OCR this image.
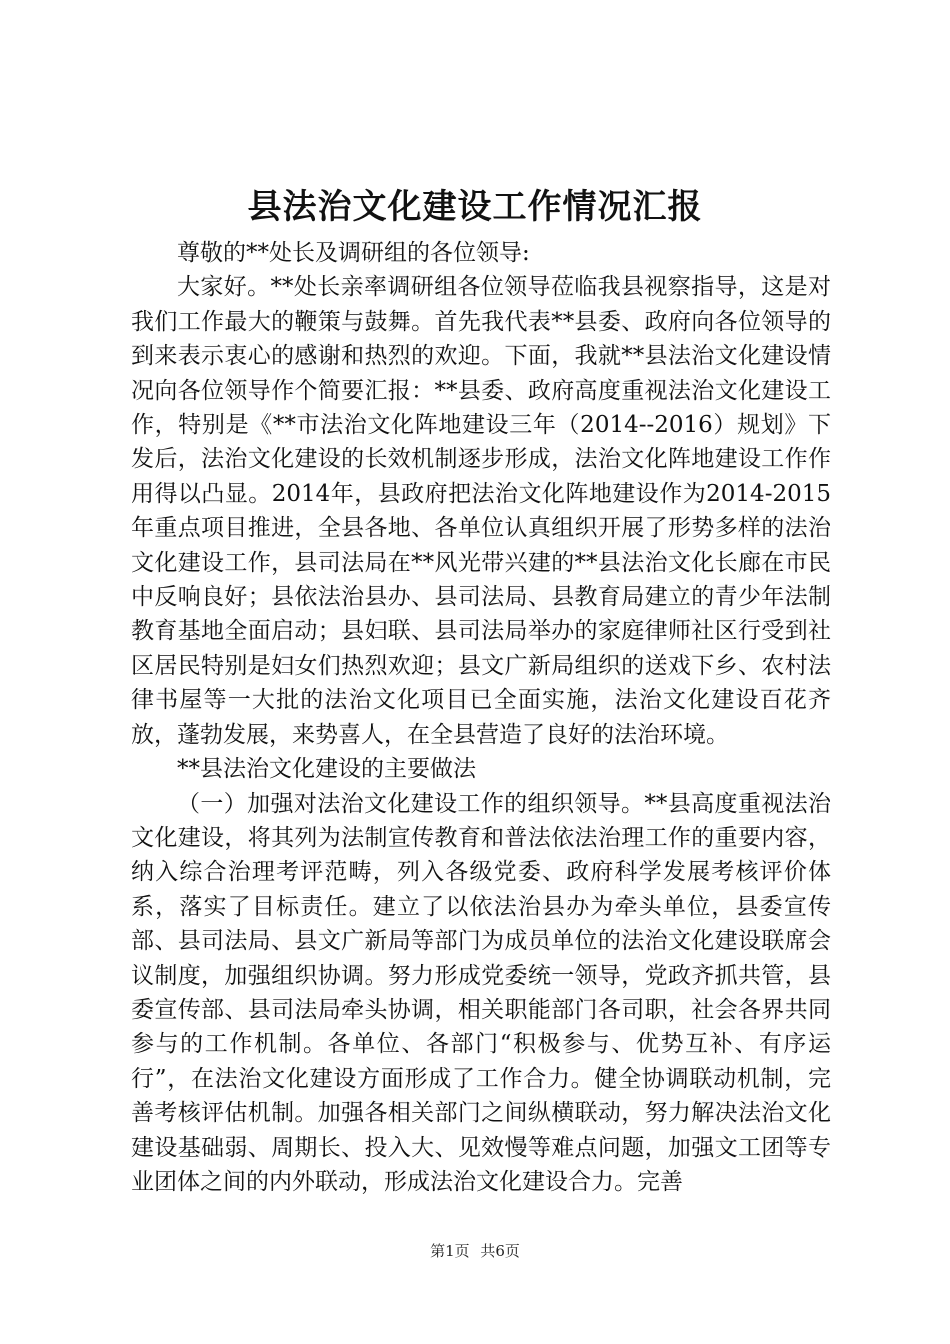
县法治文化建设工作情况汇报

尊敬的**处长及调研组的各位领导:

大家好。**处长亲率调研组各位领导莅临我县视察指导，这是对我们工作最大的鞭策与鼓舞。首先我代表**县委、政府向各位领导的到来表示衷心的感谢和热烈的欢迎。下面，我就**县法治文化建设情况向各位领导作个简要汇报：**县委、政府高度重视法治文化建设工作，特别是《**市法治文化阵地建设三年（2014--2016）规划》下发后，法治文化建设的长效机制逐步形成，法治文化阵地建设工作作用得以凸显。2014年，县政府把法治文化阵地建设作为2014-2015年重点项目推进，全县各地、各单位认真组织开展了形势多样的法治文化建设工作，县司法局在**风光带兴建的**县法治文化长廊在市民中反响良好；县依法治县办、县司法局、县教育局建立的青少年法制教育基地全面启动；县妇联、县司法局举办的家庭律师社区行受到社区居民特别是妇女们热烈欢迎；县文广新局组织的送戏下乡、农村法律书屋等一大批的法治文化项目已全面实施，法治文化建设百花齐放，蓬勃发展，来势喜人，在全县营造了良好的法治环境。

**县法治文化建设的主要做法

（一）加强对法治文化建设工作的组织领导。**县高度重视法治文化建设，将其列为法制宣传教育和普法依法治理工作的重要内容，纳入综合治理考评范畴，列入各级党委、政府科学发展考核评价体系，落实了目标责任。建立了以依法治县办为牵头单位，县委宣传部、县司法局、县文广新局等部门为成员单位的法治文化建设联席会议制度，加强组织协调。努力形成党委统一领导，党政齐抓共管，县委宣传部、县司法局牵头协调，相关职能部门各司职，社会各界共同参与的工作机制。各单位、各部门“积极参与、优势互补、有序运行”，在法治文化建设方面形成了工作合力。健全协调联动机制，完善考核评估机制。加强各相关部门之间纵横联动，努力解决法治文化建设基础弱、周期长、投入大、见效慢等难点问题，加强文工团等专业团体之间的内外联动，形成法治文化建设合力。完善

第1页 共6页
